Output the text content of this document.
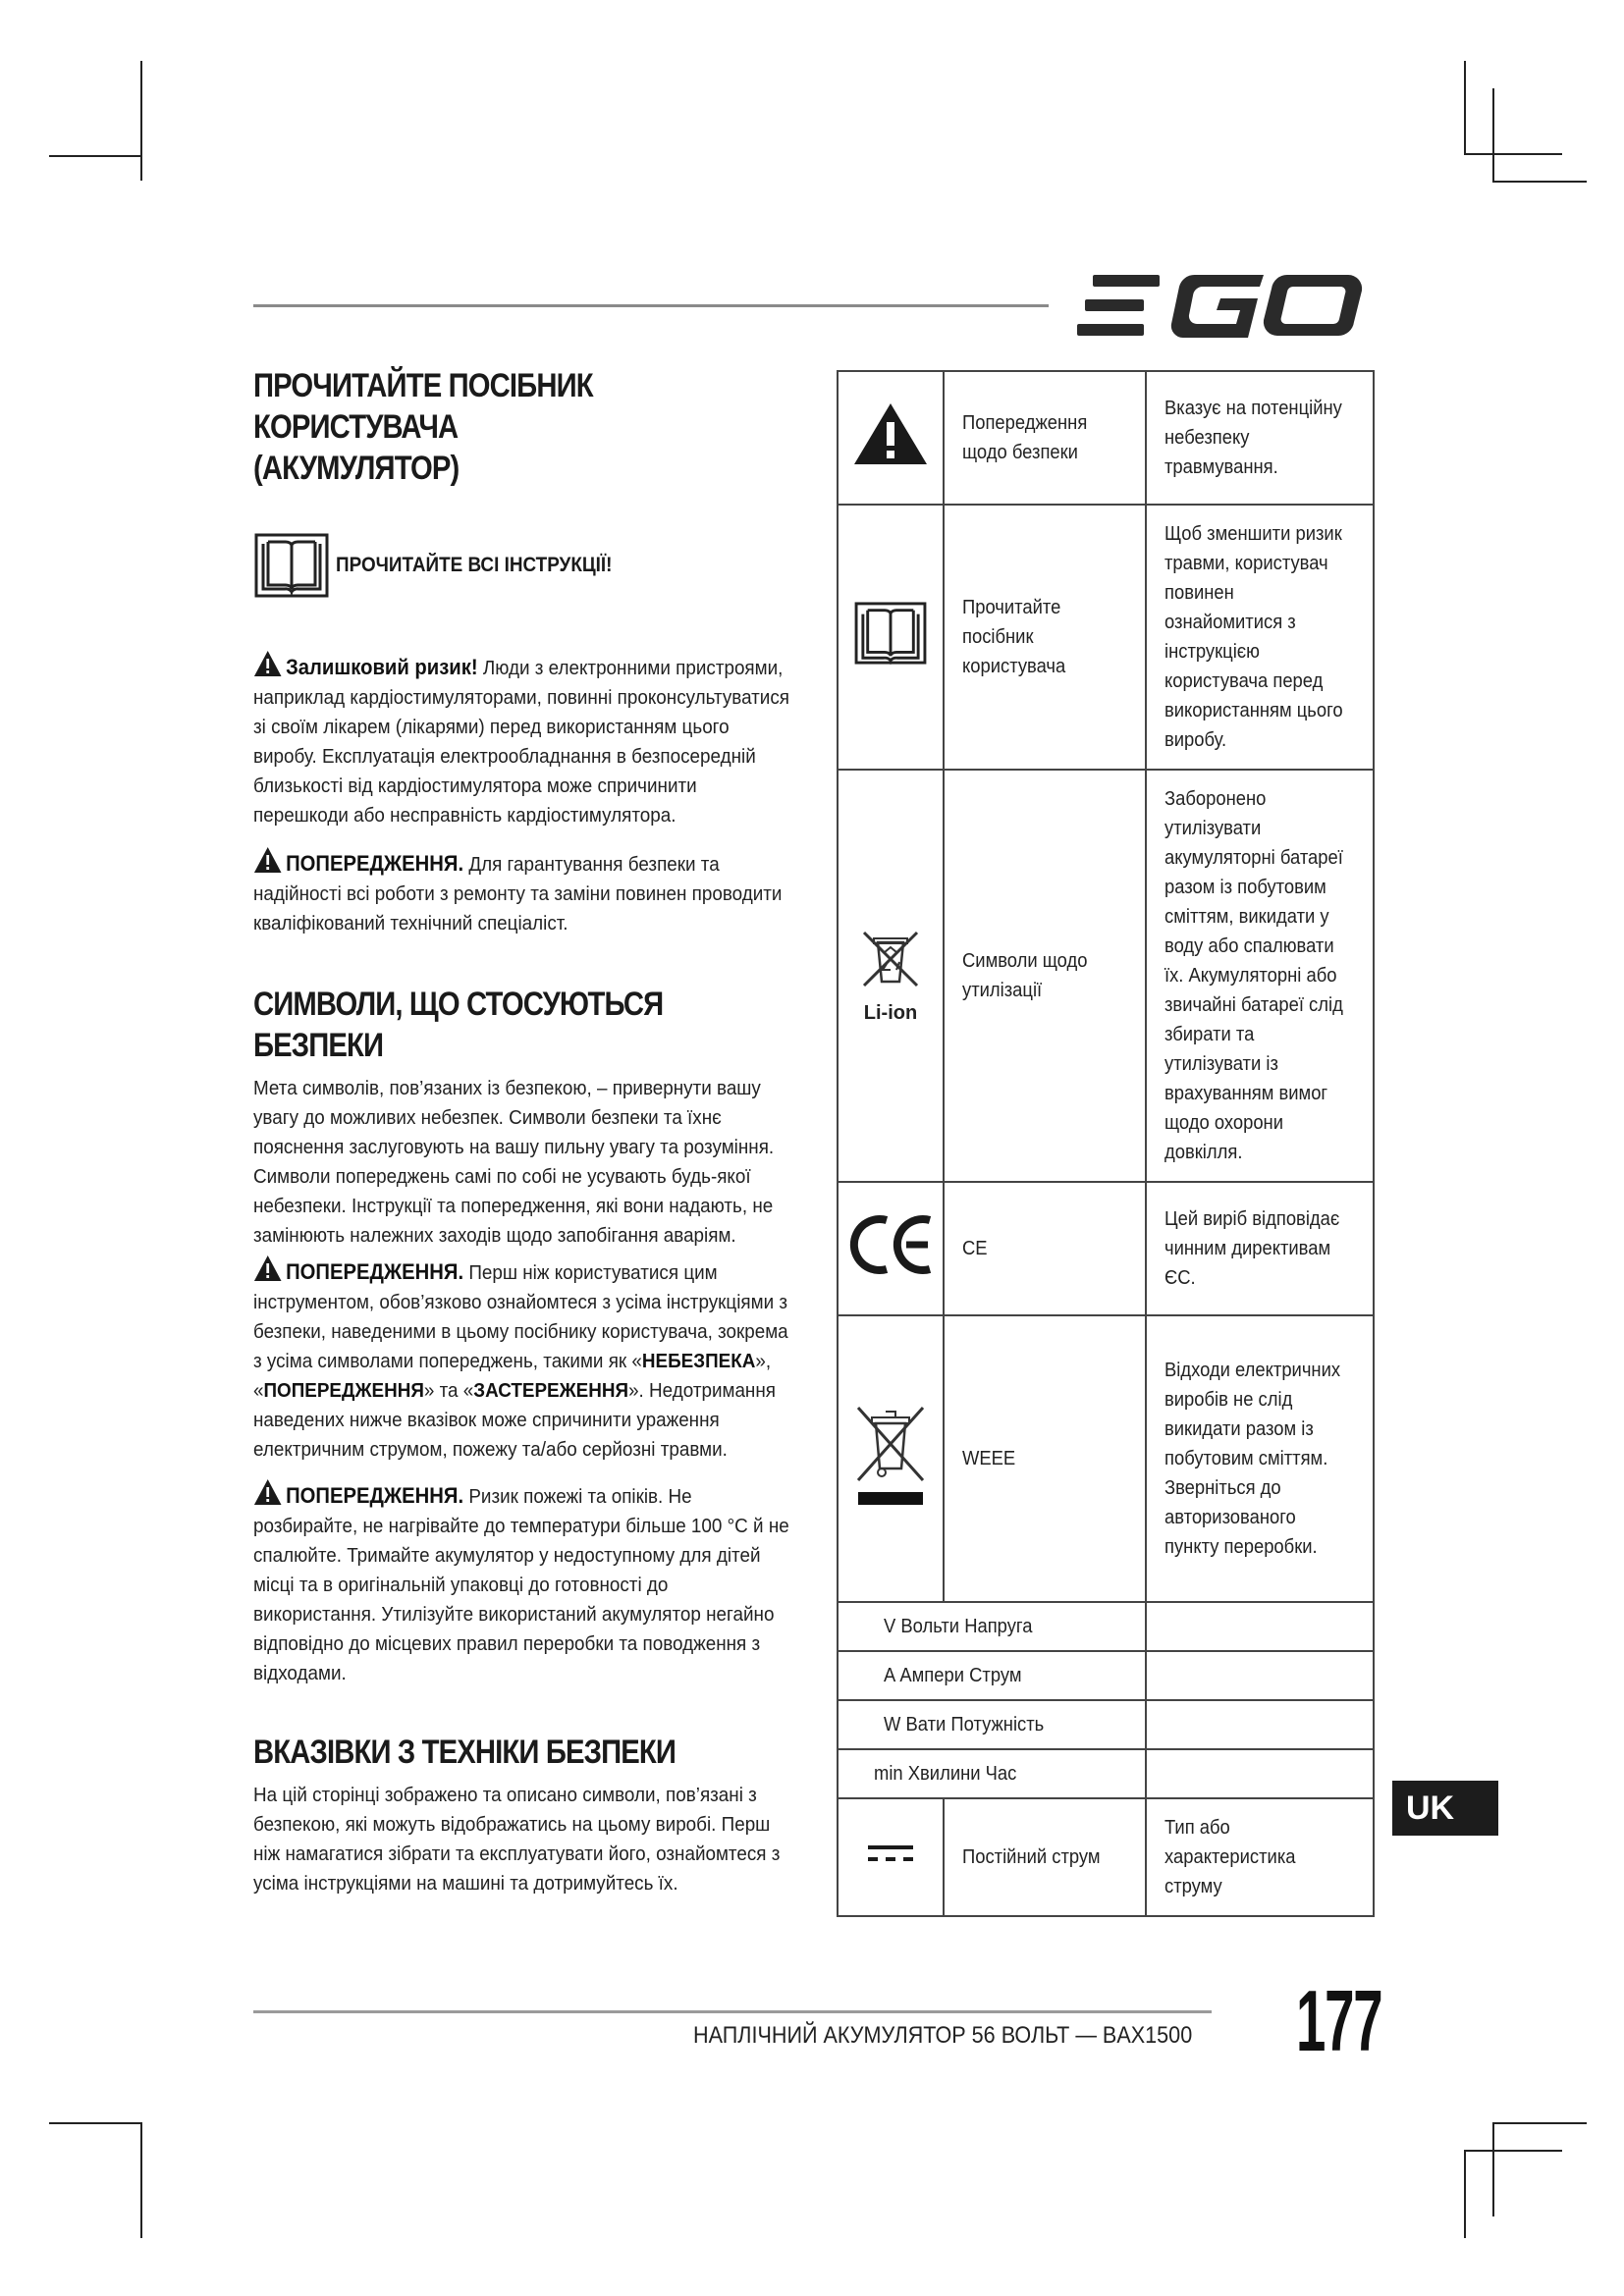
EGO
ПРОЧИТАЙТЕ ПОСІБНИК КОРИСТУВАЧА
(АКУМУЛЯТОР)
ПРОЧИТАЙТЕ ВСІ ІНСТРУКЦІЇ!

Залишковий ризик! Люди з електронними пристроями, наприклад кардіостимуляторами, повинні проконсультуватися зі своїм лікарем (лікарями) перед використанням цього виробу. Експлуатація електрообладнання в безпосередній близькості від кардіостимулятора може спричинити перешкоди або несправність кардіостимулятора.

ПОПЕРЕДЖЕННЯ. Для гарантування безпеки та надійності всі роботи з ремонту та заміни повинен проводити кваліфікований технічний спеціаліст.

СИМВОЛИ, ЩО СТОСУЮТЬСЯ БЕЗПЕКИ

Мета символів, пов’язаних із безпекою, – привернути вашу увагу до можливих небезпек. Символи безпеки та їхнє пояснення заслуговують на вашу пильну увагу та розуміння. Символи попереджень самі по собі не усувають будь-якої небезпеки. Інструкції та попередження, які вони надають, не замінюють належних заходів щодо запобігання аваріям.

ПОПЕРЕДЖЕННЯ. Перш ніж користуватися цим інструментом, обов’язково ознайомтеся з усіма інструкціями з безпеки, наведеними в цьому посібнику користувача, зокрема з усіма символами попереджень, такими як «НЕБЕЗПЕКА», «ПОПЕРЕДЖЕННЯ» та «ЗАСТЕРЕЖЕННЯ». Недотримання наведених нижче вказівок може спричинити ураження електричним струмом, пожежу та/або серйозні травми.

ПОПЕРЕДЖЕННЯ. Ризик пожежі та опіків. Не розбирайте, не нагрівайте до температури більше 100 °C й не спалюйте. Тримайте акумулятор у недоступному для дітей місці та в оригінальній упаковці до готовності до використання. Утилізуйте використаний акумулятор негайно відповідно до місцевих правил переробки та поводження з відходами.

ВКАЗІВКИ З ТЕХНІКИ БЕЗПЕКИ

На цій сторінці зображено та описано символи, пов’язані з безпекою, які можуть відображатись на цьому виробі. Перш ніж намагатися зібрати та експлуатувати його, ознайомтеся з усіма інструкціями на машині та дотримуйтесь їх.

Попередження щодо безпеки	Вказує на потенційну небезпеку травмування.

Прочитайте посібник користувача	Щоб зменшити ризик травми, користувач повинен ознайомитися з інструкцією користувача перед використанням цього виробу.

Li-ion	Символи щодо утилізації	Заборонено утилізувати акумуляторні батареї разом із побутовим сміттям, викидати у воду або спалювати їх. Акумуляторні або звичайні батареї слід збирати та утилізувати із врахуванням вимог щодо охорони довкілля.

CE	Цей виріб відповідає чинним директивам ЄС.

WEEE	Відходи електричних виробів не слід викидати разом із побутовим сміттям. Зверніться до авторизованого пункту переробки.

V Вольти Напруга		

A Ампери Струм		

W Вати Потужність		

min Хвилини Час		

Постійний струм	Тип або характеристика струму
UK
НАПЛІЧНИЙ АКУМУЛЯТОР 56 ВОЛЬТ — BAX1500 177
